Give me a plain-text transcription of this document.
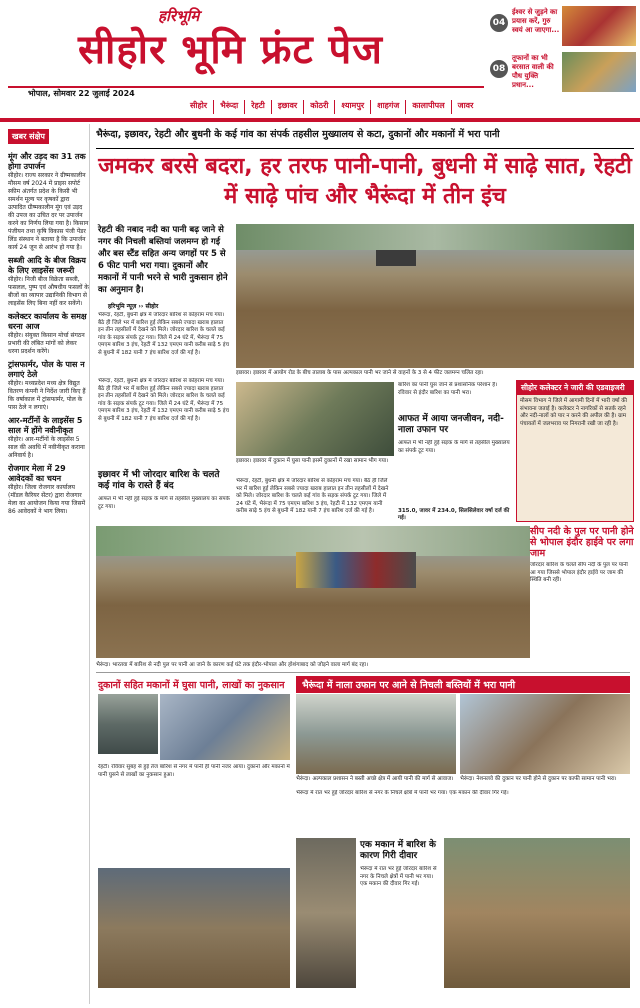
हरिभूमि
सीहोर भूमि फ्रंट पेज
भोपाल, सोमवार 22 जुलाई 2024
04
ईश्वर से जुड़ने का प्रयास करें, गुरु स्वयं आ जाएगा...
08
तूफानों का भी बरसात वाली की पौध युक्ति प्रधान...
सीहोर	भैरूंदा	रेहटी	इछावर	कोठरी	श्यामपुर	शाहगंज	कालापीपल	जावर
खबर संक्षेप
मूंग और उड़द का 31 तक होगा उपार्जन
सीहोर। राज्य सरकार ने ग्रीष्मकालीन मौसम वर्ष 2024 में प्राइस सपोर्ट स्कीम अंतर्गत प्रदेश के किसी भी समर्थन मूल्य पर कृषकों द्वारा उत्पादित ग्रीष्मकालीन मूंग एवं उड़द की उपज का उचित दर पर उपार्जन करने का निर्णय लिया गया है। किसान पंजीयन तथा कृषि विकास पंजी पेंडर लिंड संस्थान ने बताया है कि उपार्जन कार्य 24 जून से आरंभ हो गया है।
सब्जी आदि के बीज विक्रय के लिए लाइसेंस जरूरी
सीहोर। निजी बीज विक्रेता सब्जी, फसलल, पुष्प एवं औषधीय फसलों के बीजों का व्यापार उद्यानिकी विभाग से लाइसेंस लिए बिना नहीं कर सकेंगे।
कलेक्टर कार्यालय के समक्ष धरना आज
सीहोर। संयुक्त किसान मोर्चा संगठन प्रभारी की लंबित मांगों को लेकर धरना प्रदर्शन करेंगे।
ट्रांसफार्मर, पोल के पास न लगाएं ठेले
सीहोर। मध्यप्रदेश मध्य क्षेत्र विद्युत वितरण कंपनी ने निर्देश जारी किए हैं कि वर्षाकाल में ट्रांसफार्मर, पोल के पास ठेले न लगाएं।
आर-मर्टीनों के लाइसेंस 5 साल में होंगे नवीनीकृत
सीहोर। आर-मर्टीनों के लाइसेंस 5 साल की अवधि में नवीनीकृत कराना अनिवार्य है।
रोजगार मेला में 29 आवेदकों का चयन
सीहोर। जिला रोजगार कार्यालय (मॉडल कैरियर सेंटर) द्वारा रोजगार मेला का आयोजन किया गया जिसमें 86 आवेदकों ने भाग लिया।
भैरूंदा, इछावर, रेहटी और बुधनी के कई गांव का संपर्क तहसील मुख्यालय से कटा, दुकानों और मकानों में भरा पानी
जमकर बरसे बदरा, हर तरफ पानी-पानी, बुधनी में साढ़े सात, रेहटी में साढ़े पांच और भैरूंदा में तीन इंच
रेहटी की नबाद नदी का पानी बढ़ जाने से नगर की निचली बस्तियां जलमग्न हो गई और बस स्टैंड सहित अन्य जगहों पर 5 से 6 फीट पानी भरा गया। दुकानों और मकानों में पानी भरने से भारी नुकसान होने का अनुमान है।
हरिभूमि न्यूज़ ›› सीहोर
भैरूंदा, रेहटी, बुधनी क्षेत्र में जोरदार बारिश से कोहराम मच गया। बैठे ही जिले भर में बारिश हुई लेकिन सबसे ज्यादा खराब हालात इन तीन तहसीलों में देखने को मिले। जोरदार बारिश के चलते कई गांव के सड़क संपर्क टूट गया। जिले में 24 घंटे में, भैरूंदा में 75 एमएम बारिश 3 इंच, रेहटी में 132 एमएम यानी करीब साढ़े 5 इंच से बुधनी में 182 यानी 7 इंच बारिश दर्ज की गई है।
इछावर। इछावर में आयोग रोड के बीच तालाब के पास अल्पकाल पानी भर जाने से वाहनों के 3 से 4 फीट जलमग्न चलित रहा।
भैरूंदा, रेहटी, बुधनी क्षेत्र में जोरदार बारिश से कोहराम मच गया। बैठे ही जिले भर में बारिश हुई लेकिन सबसे ज्यादा खराब हालात इन तीन तहसीलों में देखने को मिले। जोरदार बारिश के चलते कई गांव के सड़क संपर्क टूट गया। जिले में 24 घंटे में, भैरूंदा में 75 एमएम बारिश 3 इंच, रेहटी में 132 एमएम यानी करीब साढ़े 5 इंच से बुधनी में 182 यानी 7 इंच बारिश दर्ज की गई है।
इछावर में भी जोरदार बारिश के चलते कई गांव के रास्ते हैं बंद
आफत में भी नहीं हुई सड़क के मार्ग से तहसील मुख्यालय का संपर्क टूट गया।
इछावर। इछावर में दुकान में घुसा पानी इसमें दुकानों में रखा सामान भीग गया।
भैरूंदा, रेहटी, बुधनी क्षेत्र में जोरदार बारिश से कोहराम मच गया। बैठे ही जिले भर में बारिश हुई लेकिन सबसे ज्यादा खराब हालात इन तीन तहसीलों में देखने को मिले। जोरदार बारिश के चलते कई गांव के सड़क संपर्क टूट गया। जिले में 24 घंटे में, भैरूंदा में 75 एमएम बारिश 3 इंच, रेहटी में 132 एमएम यानी करीब साढ़े 5 इंच से बुधनी में 182 यानी 7 इंच बारिश दर्ज की गई है।
बारिश का पानी घुस जाने से प्रशासनिक परेशान है। रविवार से इंदौर बारिश का पानी भरा।
आफत में आया जनजीवन, नदी-नाला उफान पर
आफत में भी नहीं हुई सड़क के मार्ग से तहसील मुख्यालय का संपर्क टूट गया।
315.0, जावर में 234.0, सिलसिलेवार वर्षा दर्ज की गई।
सीहोर कलेक्टर ने जारी की एडवाइजरी
मौसम विभाग ने जिले में आगामी दिनों में भारी वर्षा की संभावना जताई है। कलेक्टर ने नागरिकों से सतर्क रहने और नदी-नालों को पार न करने की अपील की है। ग्राम पंचायतों में जलभराव पर निगरानी रखी जा रही है।
सीप नदी के पुल पर पानी होने से भोपाल इंदौर हाईवे पर लगा जाम
जोरदार बारिश के चलते सीप नदी के पुल पर पानी आ गया जिससे भोपाल इंदौर हाईवे पर जाम की स्थिति बनी रही।
भैरूंदा। भारतवा में बारिश से नदी पुल पर पानी आ जाने के कारण कई घंटे तक इंदौर-भोपाल और होशंगाबाद को जोड़ने वाला मार्ग बंद रहा।
दुकानों सहित मकानों में घुसा पानी, लाखों का नुकसान
रेहटी। रविवार सुबह से हुई तेज बारिश से नगर में पानी ही पानी नजर आया। दुकानों और मकानों में पानी घुसने से लाखों का नुकसान हुआ।
भैरूंदा में नाला उफान पर आने से निचली बस्तियों में भरा पानी
भैरूंदा। अल्पकाल प्रशासन ने बस्ती अच्छे क्षेत्र में आयी पानी की मार्ग से आवाज।	भैरूंदा। नेशनलवे की दुकान पर पानी होने से दुकान पर काफी सामान पानी भरा।
भैरूंदा में रात भर हुई जोरदार बारिश से नगर के निचले क्षेत्रों में पानी भर गया। एक मकान की दीवार गिर गई।
एक मकान में बारिश के कारण गिरी दीवार
भैरूंदा में रात भर हुई जोरदार बारिश से नगर के निचले क्षेत्रों में पानी भर गया। एक मकान की दीवार गिर गई।
